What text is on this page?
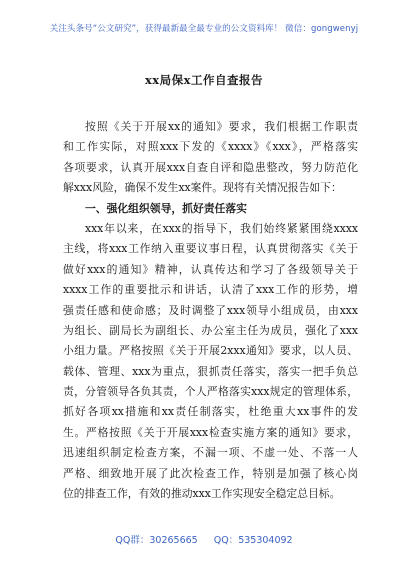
关注头条号“公文研究”，获得最新最全最专业的公文资料库！ 微信：gongwenyj
xx局保x工作自查报告
按照《关于开展xx的通知》要求，我们根据工作职责
和工作实际，对照xxx下发的《xxxx》《xxx》，严格落实
各项要求，认真开展xxx自查自评和隐患整改，努力防范化
解xxx风险，确保不发生xx案件。现将有关情况报告如下：
一、强化组织领导，抓好责任落实
xxx年以来，在xxx的指导下，我们始终紧紧围绕xxxx
主线，将xxx工作纳入重要议事日程，认真贯彻落实《关于
做好xxx的通知》精神，认真传达和学习了各级领导关于
xxxx工作的重要批示和讲话，认清了xxx工作的形势，增
强责任感和使命感；及时调整了xxx领导小组成员，由xxx
为组长、副局长为副组长、办公室主任为成员，强化了xxx
小组力量。严格按照《关于开展2xxx通知》要求，以人员、
载体、管理、xxx为重点，狠抓责任落实，落实一把手负总
责，分管领导各负其责，个人严格落实xxx规定的管理体系，
抓好各项xx措施和xx责任制落实，杜绝重大xx事件的发
生。严格按照《关于开展xxx检查实施方案的通知》要求，
迅速组织制定检查方案，不漏一项、不虚一处、不落一人
严格、细致地开展了此次检查工作，特别是加强了核心岗
位的排查工作，有效的推动xxx工作实现安全稳定总目标。
QQ群：30265665 QQ：535304092
